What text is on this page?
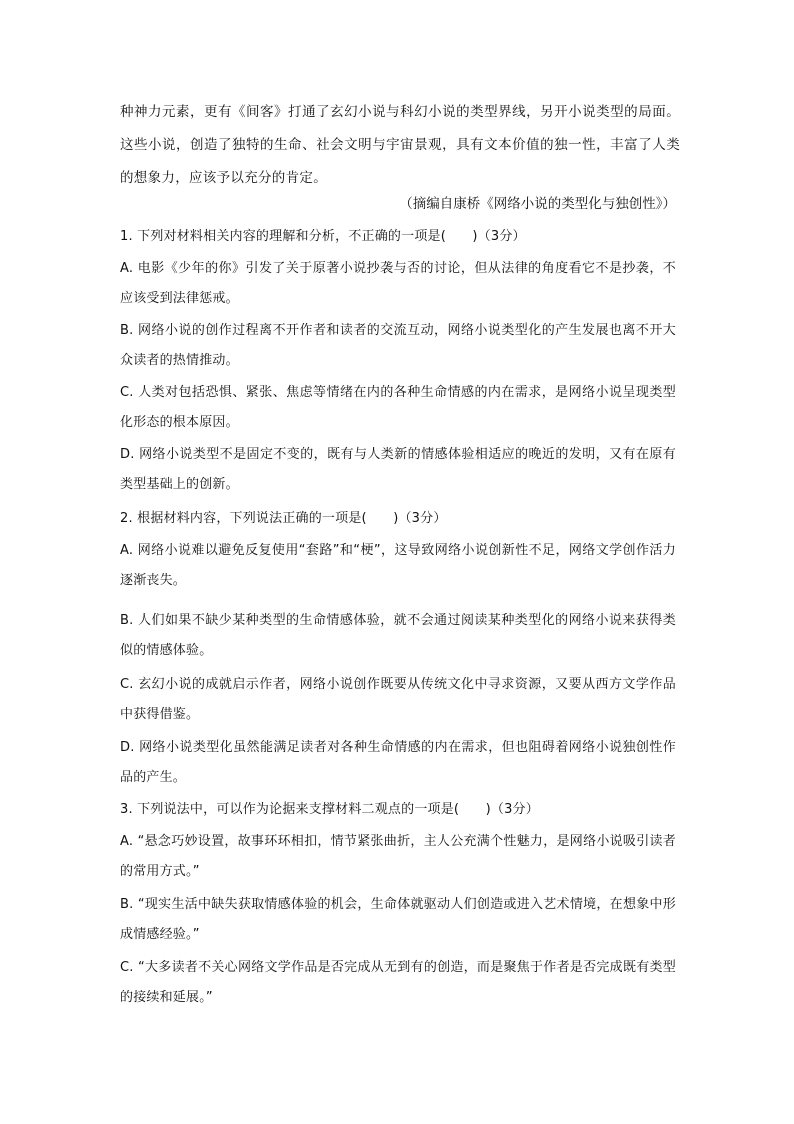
种神力元素，更有《间客》打通了玄幻小说与科幻小说的类型界线，另开小说类型的局面。这些小说，创造了独特的生命、社会文明与宇宙景观，具有文本价值的独一性，丰富了人类的想象力，应该予以充分的肯定。
（摘编自康桥《网络小说的类型化与独创性》）
1. 下列对材料相关内容的理解和分析，不正确的一项是(　　)（3分）
A. 电影《少年的你》引发了关于原著小说抄袭与否的讨论，但从法律的角度看它不是抄袭，不应该受到法律惩戒。
B. 网络小说的创作过程离不开作者和读者的交流互动，网络小说类型化的产生发展也离不开大众读者的热情推动。
C. 人类对包括恐惧、紧张、焦虑等情绪在内的各种生命情感的内在需求，是网络小说呈现类型化形态的根本原因。
D. 网络小说类型不是固定不变的，既有与人类新的情感体验相适应的晚近的发明，又有在原有类型基础上的创新。
2. 根据材料内容，下列说法正确的一项是(　　)（3分）
A. 网络小说难以避免反复使用“套路”和“梗”，这导致网络小说创新性不足，网络文学创作活力逐渐丧失。
B. 人们如果不缺少某种类型的生命情感体验，就不会通过阅读某种类型化的网络小说来获得类似的情感体验。
C. 玄幻小说的成就启示作者，网络小说创作既要从传统文化中寻求资源，又要从西方文学作品中获得借鉴。
D. 网络小说类型化虽然能满足读者对各种生命情感的内在需求，但也阻碍着网络小说独创性作品的产生。
3. 下列说法中，可以作为论据来支撑材料二观点的一项是(　　)（3分）
A. “悬念巧妙设置，故事环环相扣，情节紧张曲折，主人公充满个性魅力，是网络小说吸引读者的常用方式。”
B. “现实生活中缺失获取情感体验的机会，生命体就驱动人们创造或进入艺术情境，在想象中形成情感经验。”
C. “大多读者不关心网络文学作品是否完成从无到有的创造，而是聚焦于作者是否完成既有类型的接续和延展。”
